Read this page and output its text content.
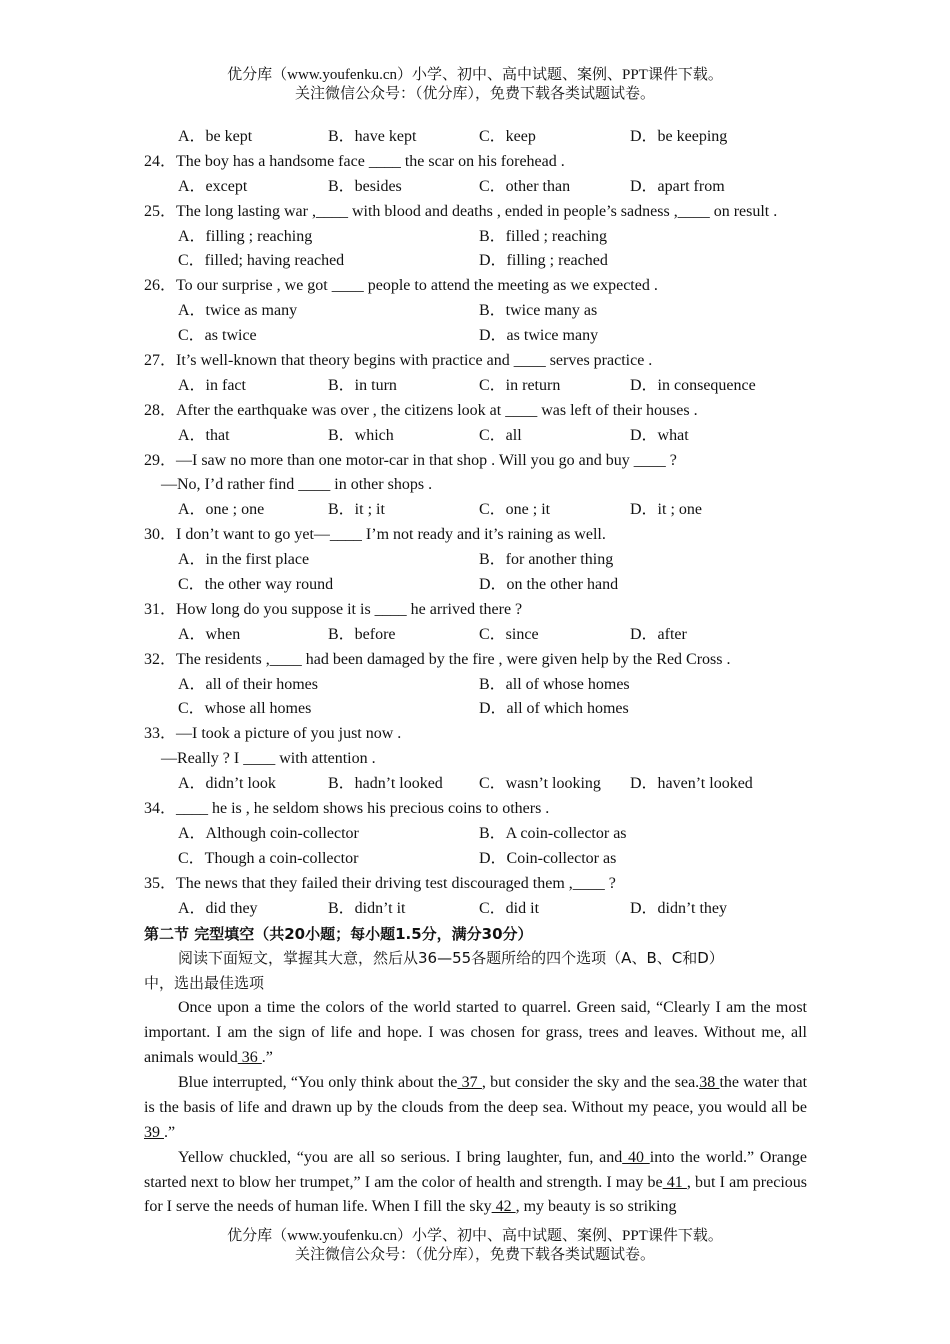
优分库（www.youfenku.cn）小学、初中、高中试题、案例、PPT课件下载。
关注微信公众号：（优分库），免费下载各类试题试卷。
A．be kept	B．have kept	C．keep	D．be keeping
24．The boy has a handsome face ____ the scar on his forehead .
A．except	B．besides	C．other than	D．apart from
25．The long lasting war ,____ with blood and deaths , ended in people’s sadness ,____ on result .
A．filling ; reaching	B．filled ; reaching
C．filled; having reached	D．filling ; reached
26．To our surprise , we got ____ people to attend the meeting as we expected .
A．twice as many	B．twice many as
C．as twice	D．as twice many
27．It’s well-known that theory begins with practice and ____ serves practice .
A．in fact	B．in turn	C．in return	D．in consequence
28．After the earthquake was over , the citizens look at ____ was left of their houses .
A．that	B．which	C．all	D．what
29．—I saw no more than one motor-car in that shop . Will you go and buy ____ ?
—No, I’d rather find ____ in other shops .
A．one ; one	B．it ; it	C．one ; it	D．it ; one
30．I don’t want to go yet—____ I’m not ready and it’s raining as well.
A．in the first place	B．for another thing
C．the other way round	D．on the other hand
31．How long do you suppose it is ____ he arrived there ?
A．when	B．before	C．since	D．after
32．The residents ,____ had been damaged by the fire , were given help by the Red Cross .
A．all of their homes	B．all of whose homes
C．whose all homes	D．all of which homes
33．—I took a picture of you just now .
—Really ? I ____ with attention .
A．didn’t look	B．hadn’t looked C．wasn’t looking D．haven’t looked
34．____ he is , he seldom shows his precious coins to others .
A．Although coin-collector	B．A coin-collector as
C．Though a coin-collector	D．Coin-collector as
35．The news that they failed their driving test discouraged them ,____ ?
A．did they	B．didn’t it	C．did it	D．didn’t they
第二节 完型填空（共20小题；每小题1.5分，满分30分）
阅读下面短文，掌握其大意，然后从36—55各题所给的四个选项（A、B、C和D）
中，选出最佳选项
Once upon a time the colors of the world started to quarrel. Green said, “Clearly I am the most important. I am the sign of life and hope. I was chosen for grass, trees and leaves. Without me, all animals would 36 .”
Blue interrupted, “You only think about the 37 , but consider the sky and the sea.38 the water that is the basis of life and drawn up by the clouds from the deep sea. Without my peace, you would all be 39 .”
Yellow chuckled, “you are all so serious. I bring laughter, fun, and 40 into the world.” Orange started next to blow her trumpet,” I am the color of health and strength. I may be 41 , but I am precious for I serve the needs of human life. When I fill the sky 42 , my beauty is so striking
优分库（www.youfenku.cn）小学、初中、高中试题、案例、PPT课件下载。
关注微信公众号：（优分库），免费下载各类试题试卷。
